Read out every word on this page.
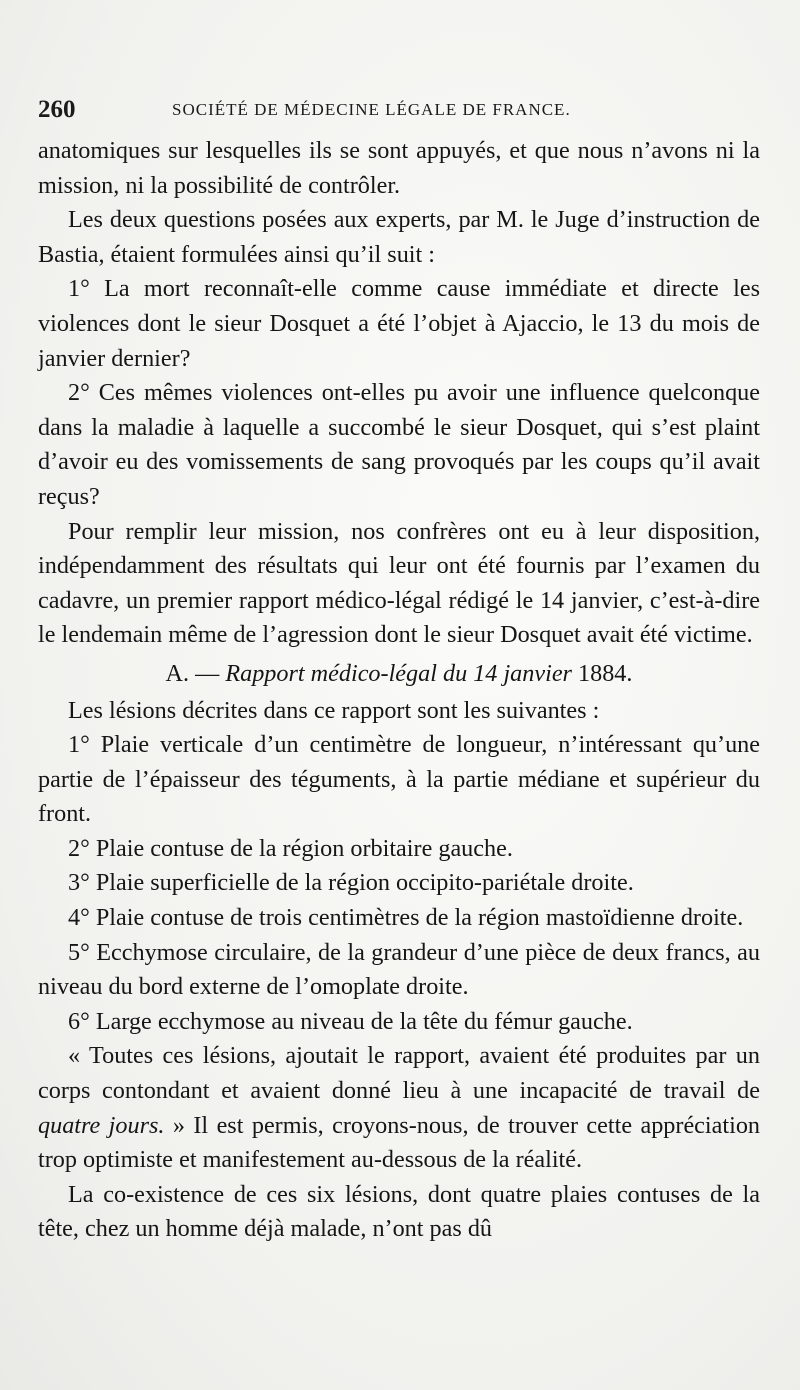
260	SOCIÉTÉ DE MÉDECINE LÉGALE DE FRANCE.

anatomiques sur lesquelles ils se sont appuyés, et que nous n’avons ni la mission, ni la possibilité de contrôler.

Les deux questions posées aux experts, par M. le Juge d’instruction de Bastia, étaient formulées ainsi qu’il suit :

1° La mort reconnaît-elle comme cause immédiate et directe les violences dont le sieur Dosquet a été l’objet à Ajaccio, le 13 du mois de janvier dernier?

2° Ces mêmes violences ont-elles pu avoir une influence quelconque dans la maladie à laquelle a succombé le sieur Dosquet, qui s’est plaint d’avoir eu des vomissements de sang provoqués par les coups qu’il avait reçus?

Pour remplir leur mission, nos confrères ont eu à leur disposition, indépendamment des résultats qui leur ont été fournis par l’examen du cadavre, un premier rapport médico-légal rédigé le 14 janvier, c’est-à-dire le lendemain même de l’agression dont le sieur Dosquet avait été victime.

A. — Rapport médico-légal du 14 janvier 1884.

Les lésions décrites dans ce rapport sont les suivantes :

1° Plaie verticale d’un centimètre de longueur, n’intéressant qu’une partie de l’épaisseur des téguments, à la partie médiane et supérieur du front.

2° Plaie contuse de la région orbitaire gauche.

3° Plaie superficielle de la région occipito-pariétale droite.

4° Plaie contuse de trois centimètres de la région mastoïdienne droite.

5° Ecchymose circulaire, de la grandeur d’une pièce de deux francs, au niveau du bord externe de l’omoplate droite.

6° Large ecchymose au niveau de la tête du fémur gauche.

« Toutes ces lésions, ajoutait le rapport, avaient été produites par un corps contondant et avaient donné lieu à une incapacité de travail de quatre jours. » Il est permis, croyons-nous, de trouver cette appréciation trop optimiste et manifestement au-dessous de la réalité.

La co-existence de ces six lésions, dont quatre plaies contuses de la tête, chez un homme déjà malade, n’ont pas dû
